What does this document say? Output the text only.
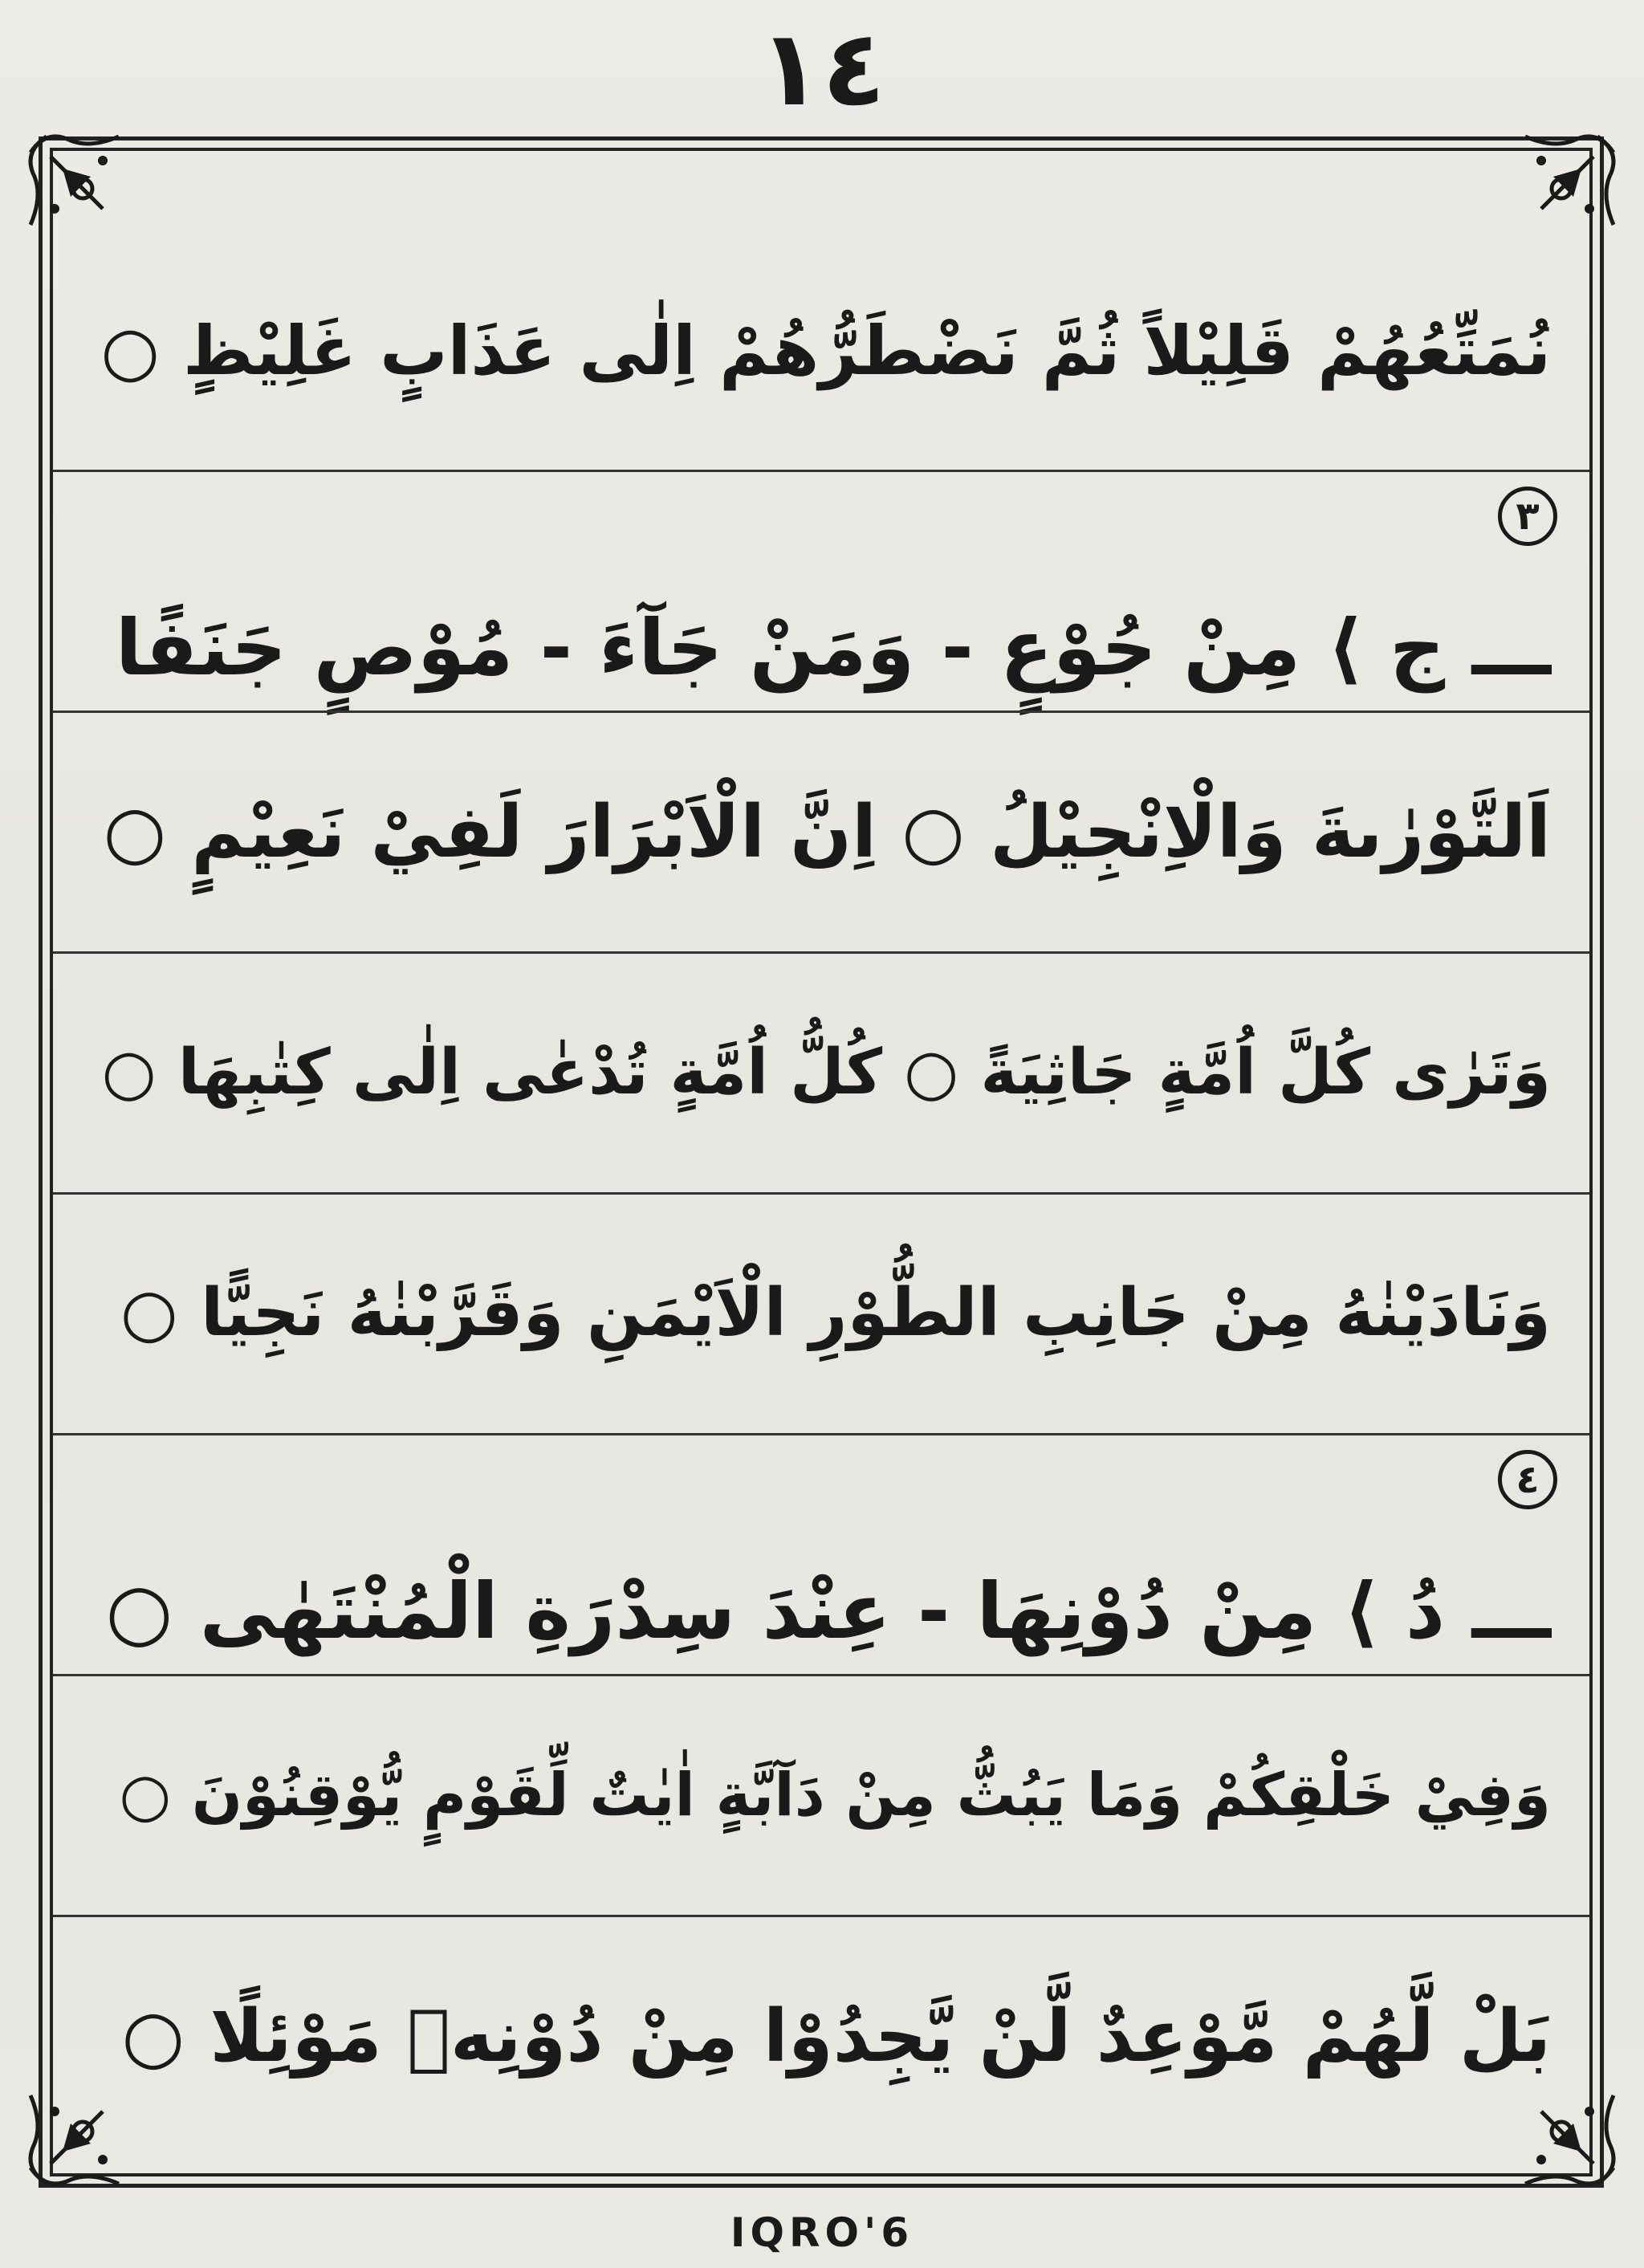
١٤
نُمَتِّعُهُمْ قَلِيْلاً ثُمَّ نَضْطَرُّهُمْ اِلٰى عَذَابٍ غَلِيْظٍ ○
٣
ـــ ج ⟩ مِنْ جُوْعٍ - وَمَنْ جَآءَ - مُوْصٍ جَنَفًا
اَلتَّوْرٰىةَ وَالْاِنْجِيْلُ ○ اِنَّ الْاَبْرَارَ لَفِيْ نَعِيْمٍ ○
وَتَرٰى كُلَّ اُمَّةٍ جَاثِيَةً ○ كُلُّ اُمَّةٍ تُدْعٰى اِلٰى كِتٰبِهَا ○
وَنَادَيْنٰهُ مِنْ جَانِبِ الطُّوْرِ الْاَيْمَنِ وَقَرَّبْنٰهُ نَجِيًّا ○
٤
ـــ دُ ⟩ مِنْ دُوْنِهَا - عِنْدَ سِدْرَةِ الْمُنْتَهٰى ○
وَفِيْ خَلْقِكُمْ وَمَا يَبُثُّ مِنْ دَآبَّةٍ اٰيٰتٌ لِّقَوْمٍ يُّوْقِنُوْنَ ○
بَلْ لَّهُمْ مَّوْعِدٌ لَّنْ يَّجِدُوْا مِنْ دُوْنِهٖ مَوْئِلًا ○
IQRO'6
